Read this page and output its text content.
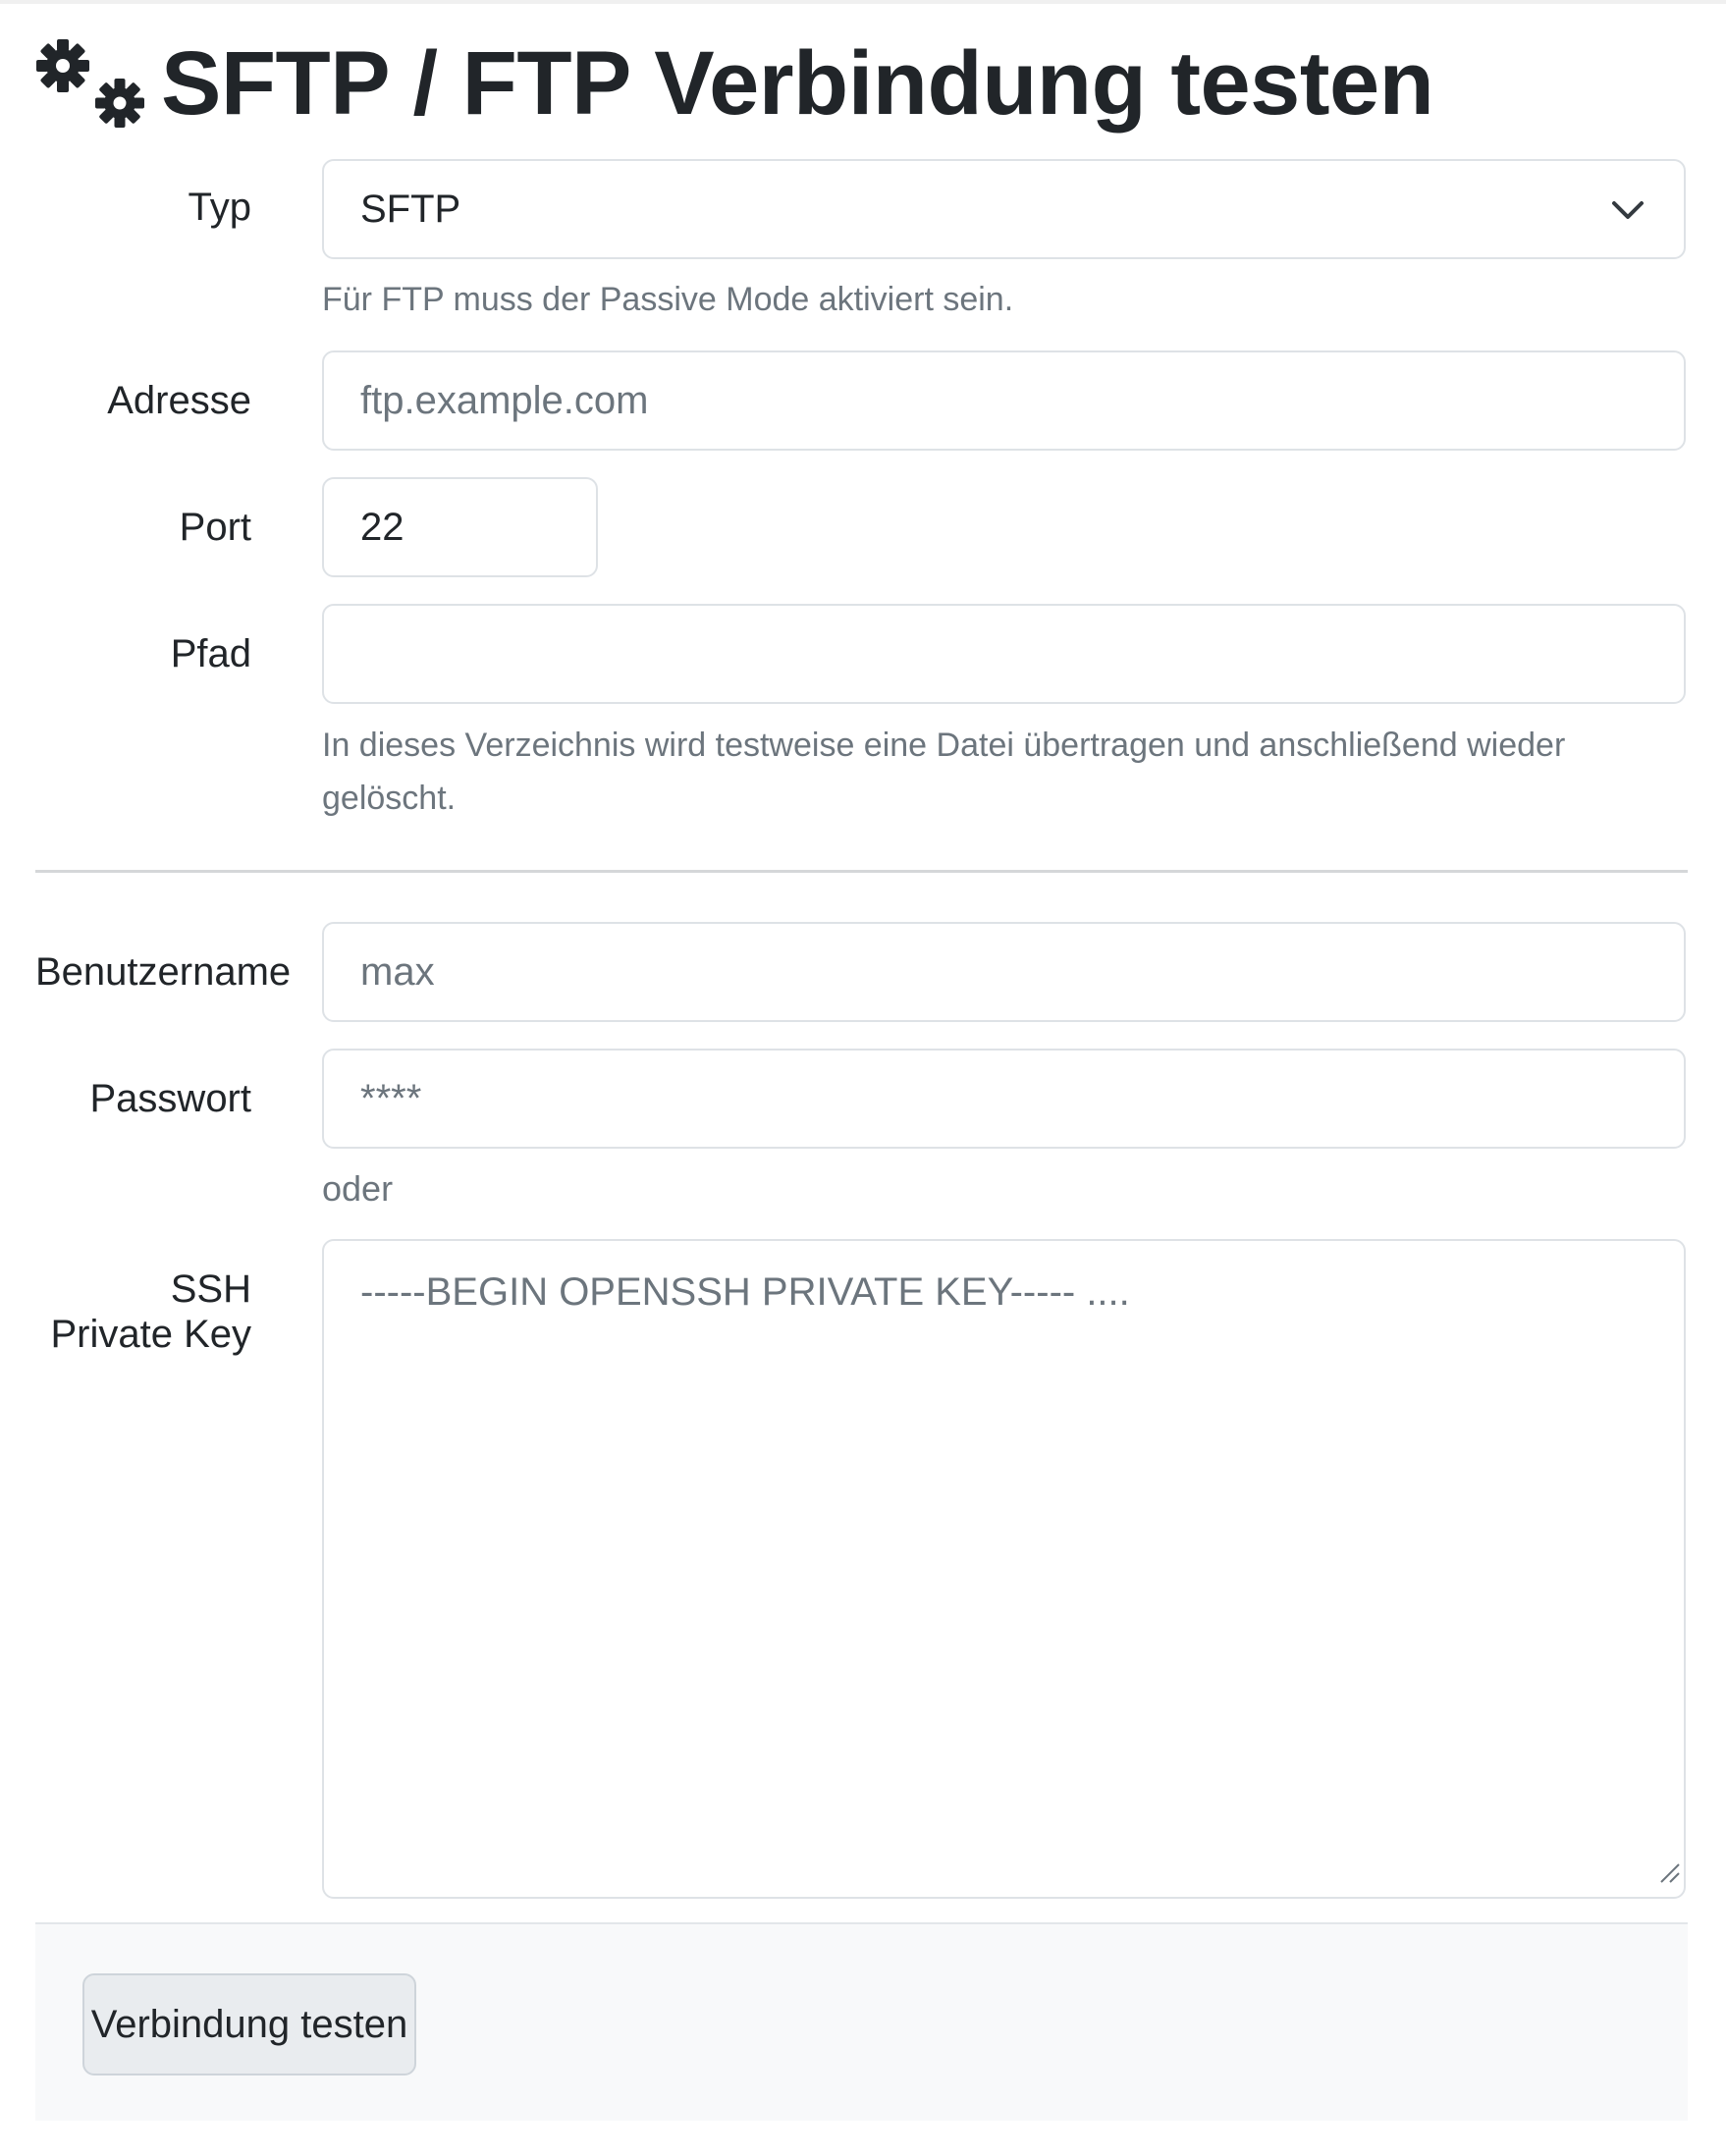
SFTP / FTP Verbindung testen
Typ	SFTP
Für FTP muss der Passive Mode aktiviert sein.
Adresse
ftp.example.com
Port
22
Pfad
In dieses Verzeichnis wird testweise eine Datei übertragen und anschließend wieder gelöscht.
Benutzername
max
Passwort
****
oder
SSH
Private Key
-----BEGIN OPENSSH PRIVATE KEY----- ....
Verbindung testen
